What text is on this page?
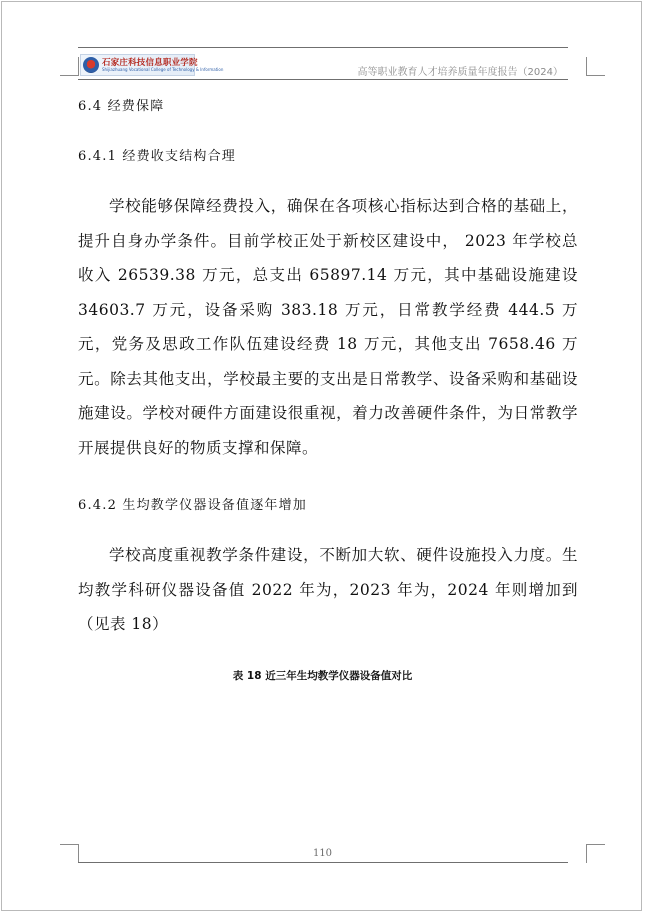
石家庄科技信息职业学院
Shijiazhuang Vocational College of Technology & Information	高等职业教育人才培养质量年度报告（2024）
6.4 经费保障
6.4.1 经费收支结构合理
学校能够保障经费投入，确保在各项核心指标达到合格的基础上，提升自身办学条件。目前学校正处于新校区建设中， 2023 年学校总收入 26539.38 万元，总支出 65897.14 万元，其中基础设施建设 34603.7 万元，设备采购 383.18 万元，日常教学经费 444.5 万元，党务及思政工作队伍建设经费 18 万元，其他支出 7658.46 万元。除去其他支出，学校最主要的支出是日常教学、设备采购和基础设施建设。学校对硬件方面建设很重视，着力改善硬件条件，为日常教学开展提供良好的物质支撑和保障。
6.4.2 生均教学仪器设备值逐年增加
学校高度重视教学条件建设，不断加大软、硬件设施投入力度。生均教学科研仪器设备值 2022 年为，2023 年为，2024 年则增加到（见表 18）
表 18 近三年生均教学仪器设备值对比
110
